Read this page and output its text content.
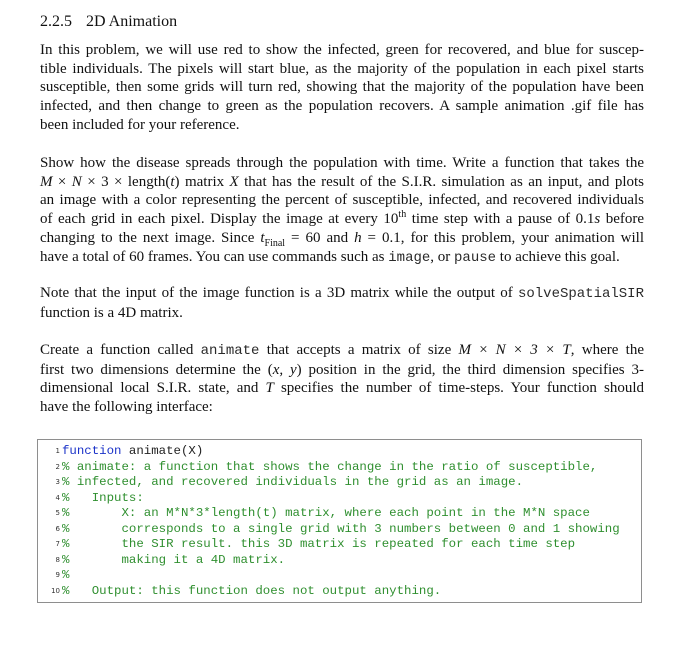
2.2.5 2D Animation
In this problem, we will use red to show the infected, green for recovered, and blue for suscep-
tible individuals. The pixels will start blue, as the majority of the population in each pixel starts
susceptible, then some grids will turn red, showing that the majority of the population have been
infected, and then change to green as the population recovers. A sample animation .gif file has
been included for your reference.
Show how the disease spreads through the population with time. Write a function that takes the
M × N × 3 × length(t) matrix X that has the result of the S.I.R. simulation as an input, and plots
an image with a color representing the percent of susceptible, infected, and recovered individuals
of each grid in each pixel. Display the image at every 10th time step with a pause of 0.1s before
changing to the next image. Since $t_{Final} = 60$ and h = 0.1, for this problem, your animation will
have a total of 60 frames. You can use commands such as image, or pause to achieve this goal.
Note that the input of the image function is a 3D matrix while the output of solveSpatialSIR
function is a 4D matrix.
Create a function called animate that accepts a matrix of size M × N × 3 × T, where the
first two dimensions determine the (x, y) position in the grid, the third dimension specifies 3-
dimensional local S.I.R. state, and T specifies the number of time-steps. Your function should
have the following interface:
1 function animate(X)
2 % animate: a function that shows the change in the ratio of susceptible,
3 % infected, and recovered individuals in the grid as an image.
4 %   Inputs:
5 %       X: an M*N*3*length(t) matrix, where each point in the M*N space
6 %       corresponds to a single grid with 3 numbers between 0 and 1 showing
7 %       the SIR result. this 3D matrix is repeated for each time step
8 %       making it a 4D matrix.
9 %
10 %   Output: this function does not output anything.
